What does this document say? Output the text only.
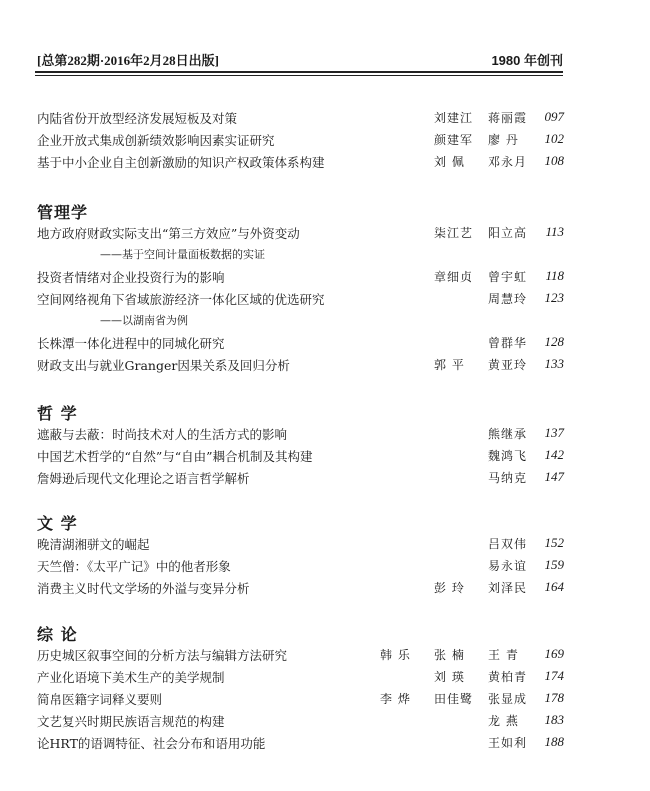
[总第282期·2016年2月28日出版]	1980 年创刊
内陆省份开放型经济发展短板及对策	刘建江 蒋丽霞 097
企业开放式集成创新绩效影响因素实证研究	颜建军 廖 丹 102
基于中小企业自主创新激励的知识产权政策体系构建	刘 佩 邓永月 108
管理学
地方政府财政实际支出“第三方效应”与外资变动	柒江艺 阳立高 113
——基于空间计量面板数据的实证
投资者情绪对企业投资行为的影响	章细贞 曾宇虹 118
空间网络视角下省域旅游经济一体化区域的优选研究	周慧玲 123
——以湖南省为例
长株潭一体化进程中的同城化研究	曾群华 128
财政支出与就业Granger因果关系及回归分析	郭 平 黄亚玲 133
哲 学
遮蔽与去蔽：时尚技术对人的生活方式的影响	熊继承 137
中国艺术哲学的“自然”与“自由”耦合机制及其构建	魏鸿飞 142
詹姆逊后现代文化理论之语言哲学解析	马纳克 147
文 学
晚清湖湘骈文的崛起	吕双伟 152
天竺僧：《太平广记》中的他者形象	易永谊 159
消费主义时代文学场的外溢与变异分析	彭 玲 刘泽民 164
综 论
历史城区叙事空间的分析方法与编辑方法研究	韩 乐 张 楠 王 青 169
产业化语境下美术生产的美学规制	刘 瑛 黄柏青 174
简帛医籍字词释义要则	李 烨 田佳鹭 张显成 178
文艺复兴时期民族语言规范的构建	龙 燕 183
论HRT的语调特征、社会分布和语用功能	王如利 188
